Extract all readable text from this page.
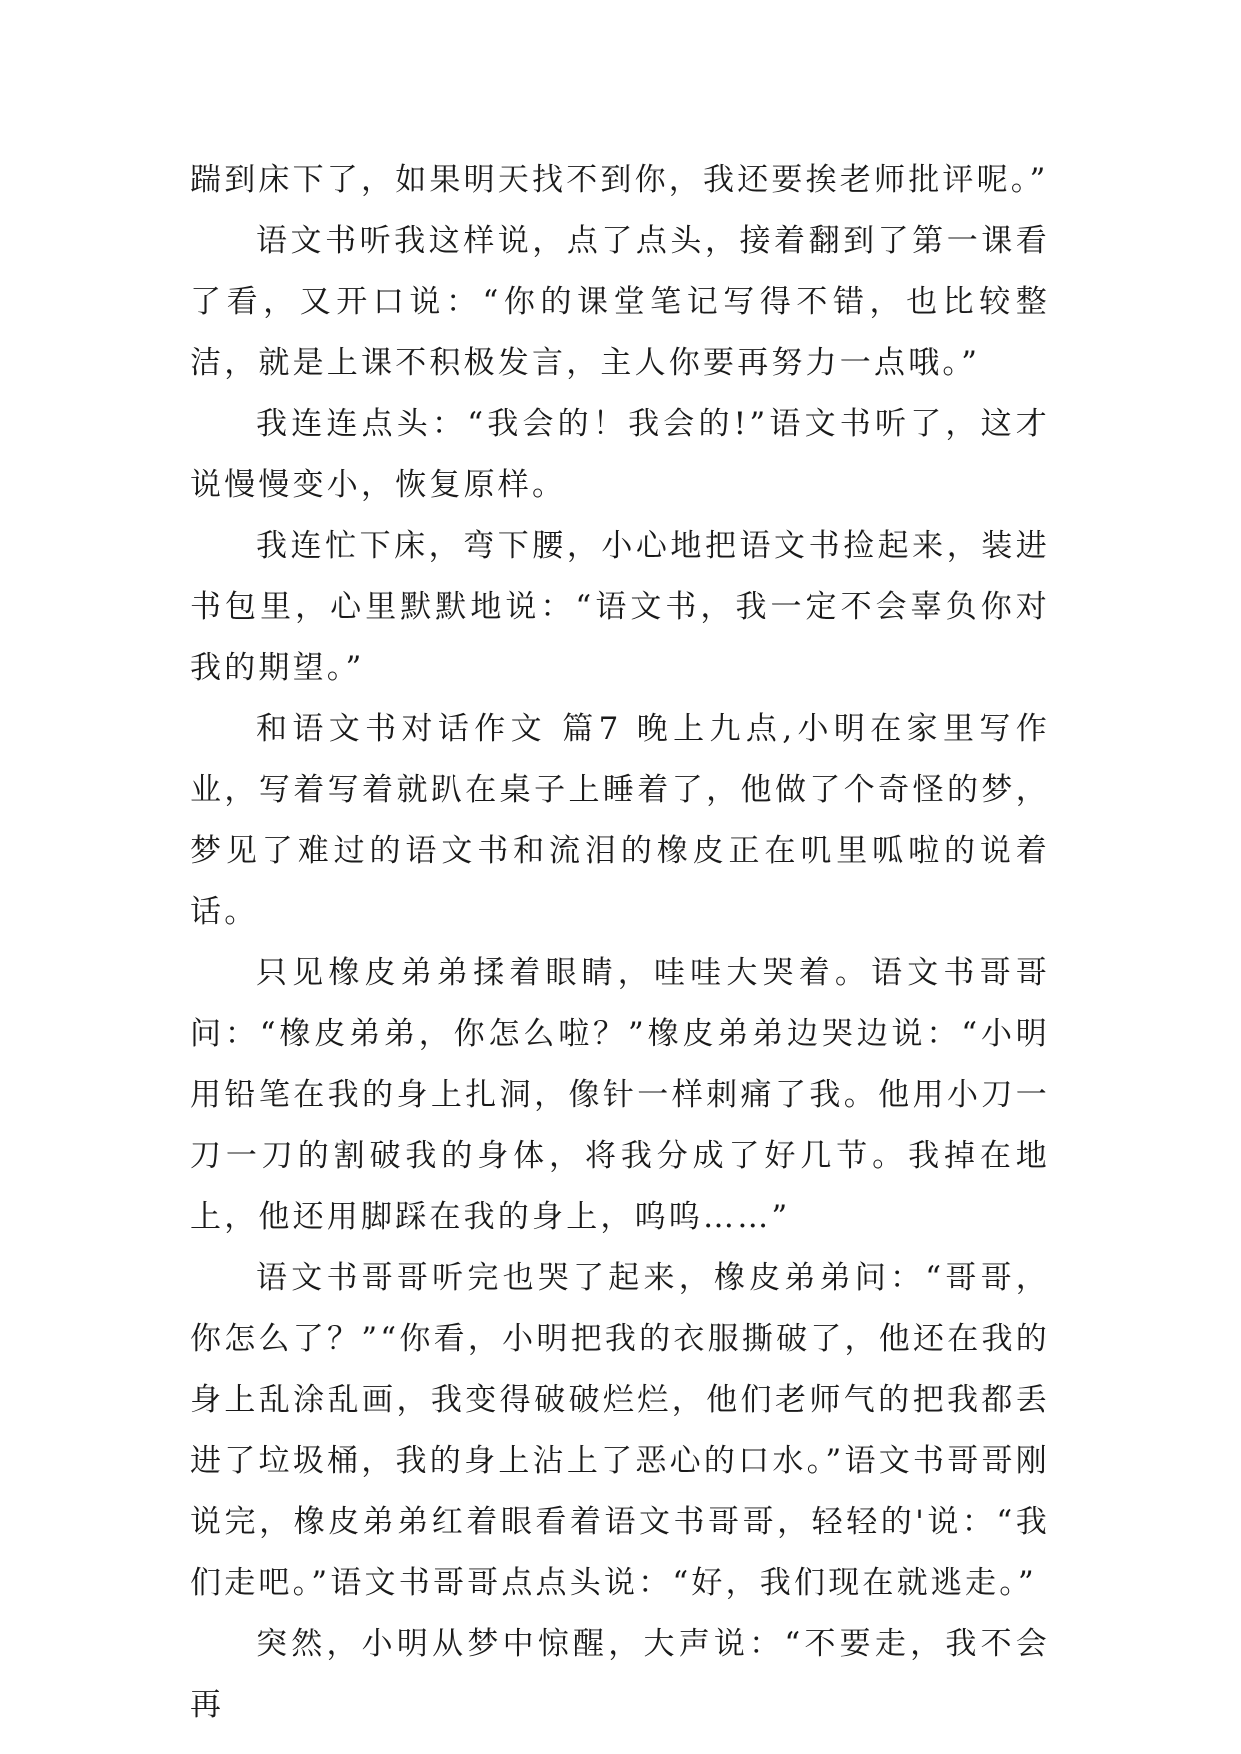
踹到床下了，如果明天找不到你，我还要挨老师批评呢。”

语文书听我这样说，点了点头，接着翻到了第一课看了看，又开口说：“你的课堂笔记写得不错，也比较整洁，就是上课不积极发言，主人你要再努力一点哦。”

我连连点头：“我会的！我会的!”语文书听了，这才说慢慢变小，恢复原样。

我连忙下床，弯下腰，小心地把语文书捡起来，装进书包里，心里默默地说：“语文书，我一定不会辜负你对我的期望。”

和语文书对话作文 篇7 晚上九点,小明在家里写作业，写着写着就趴在桌子上睡着了，他做了个奇怪的梦，梦见了难过的语文书和流泪的橡皮正在叽里呱啦的说着话。

只见橡皮弟弟揉着眼睛，哇哇大哭着。语文书哥哥问：“橡皮弟弟，你怎么啦？”橡皮弟弟边哭边说：“小明用铅笔在我的身上扎洞，像针一样刺痛了我。他用小刀一刀一刀的割破我的身体，将我分成了好几节。我掉在地上，他还用脚踩在我的身上，呜呜……”

语文书哥哥听完也哭了起来，橡皮弟弟问：“哥哥，你怎么了？”“你看，小明把我的衣服撕破了，他还在我的身上乱涂乱画，我变得破破烂烂，他们老师气的把我都丢进了垃圾桶，我的身上沾上了恶心的口水。”语文书哥哥刚说完，橡皮弟弟红着眼看着语文书哥哥，轻轻的'说：“我们走吧。”语文书哥哥点点头说：“好，我们现在就逃走。”

突然，小明从梦中惊醒，大声说：“不要走，我不会再
